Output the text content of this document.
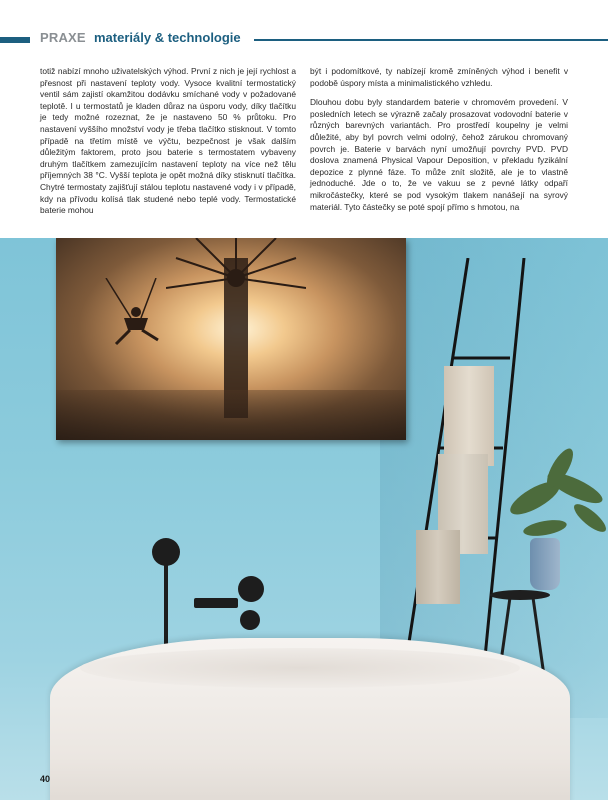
PRAXE materiály & technologie

totiž nabízí mnoho uživatelských výhod. První z nich je její rychlost a přesnost při nastavení teploty vody. Vysoce kvalitní termostatický ventil sám zajistí okamžitou dodávku smíchané vody v požadované teplotě. I u termostatů je kladen důraz na úsporu vody, díky tlačítku je tedy možné rozeznat, že je nastaveno 50 % průtoku. Pro nastavení vyššího množství vody je třeba tlačítko stisknout. V tomto případě na třetím místě ve výčtu, bezpečnost je však dalším důležitým faktorem, proto jsou baterie s termostatem vybaveny druhým tlačítkem zamezujícím nastavení teploty na více než tělu příjemných 38 °C. Vyšší teplota je opět možná díky stisknutí tlačítka. Chytré termostaty zajišťují stálou teplotu nastavené vody i v případě, kdy na přívodu kolísá tlak studené nebo teplé vody. Termostatické baterie mohou

být i podomítkové, ty nabízejí kromě zmíněných výhod i benefit v podobě úspory místa a minimalistického vzhledu.

Dlouhou dobu byly standardem baterie v chromovém provedení. V posledních letech se výrazně začaly prosazovat vodovodní baterie v různých barevných variantách. Pro prostředí koupelny je velmi důležité, aby byl povrch velmi odolný, čehož zárukou chromovaný povrch je. Baterie v barvách nyní umožňují povrchy PVD. PVD doslova znamená Physical Vapour Deposition, v překladu fyzikální depozice z plynné fáze. To může znít složitě, ale je to vlastně jednoduché. Jde o to, že ve vakuu se z pevné látky odpaří mikročástečky, které se pod vysokým tlakem nanášejí na syrový materiál. Tyto částečky se poté spojí přímo s hmotou, na

40
